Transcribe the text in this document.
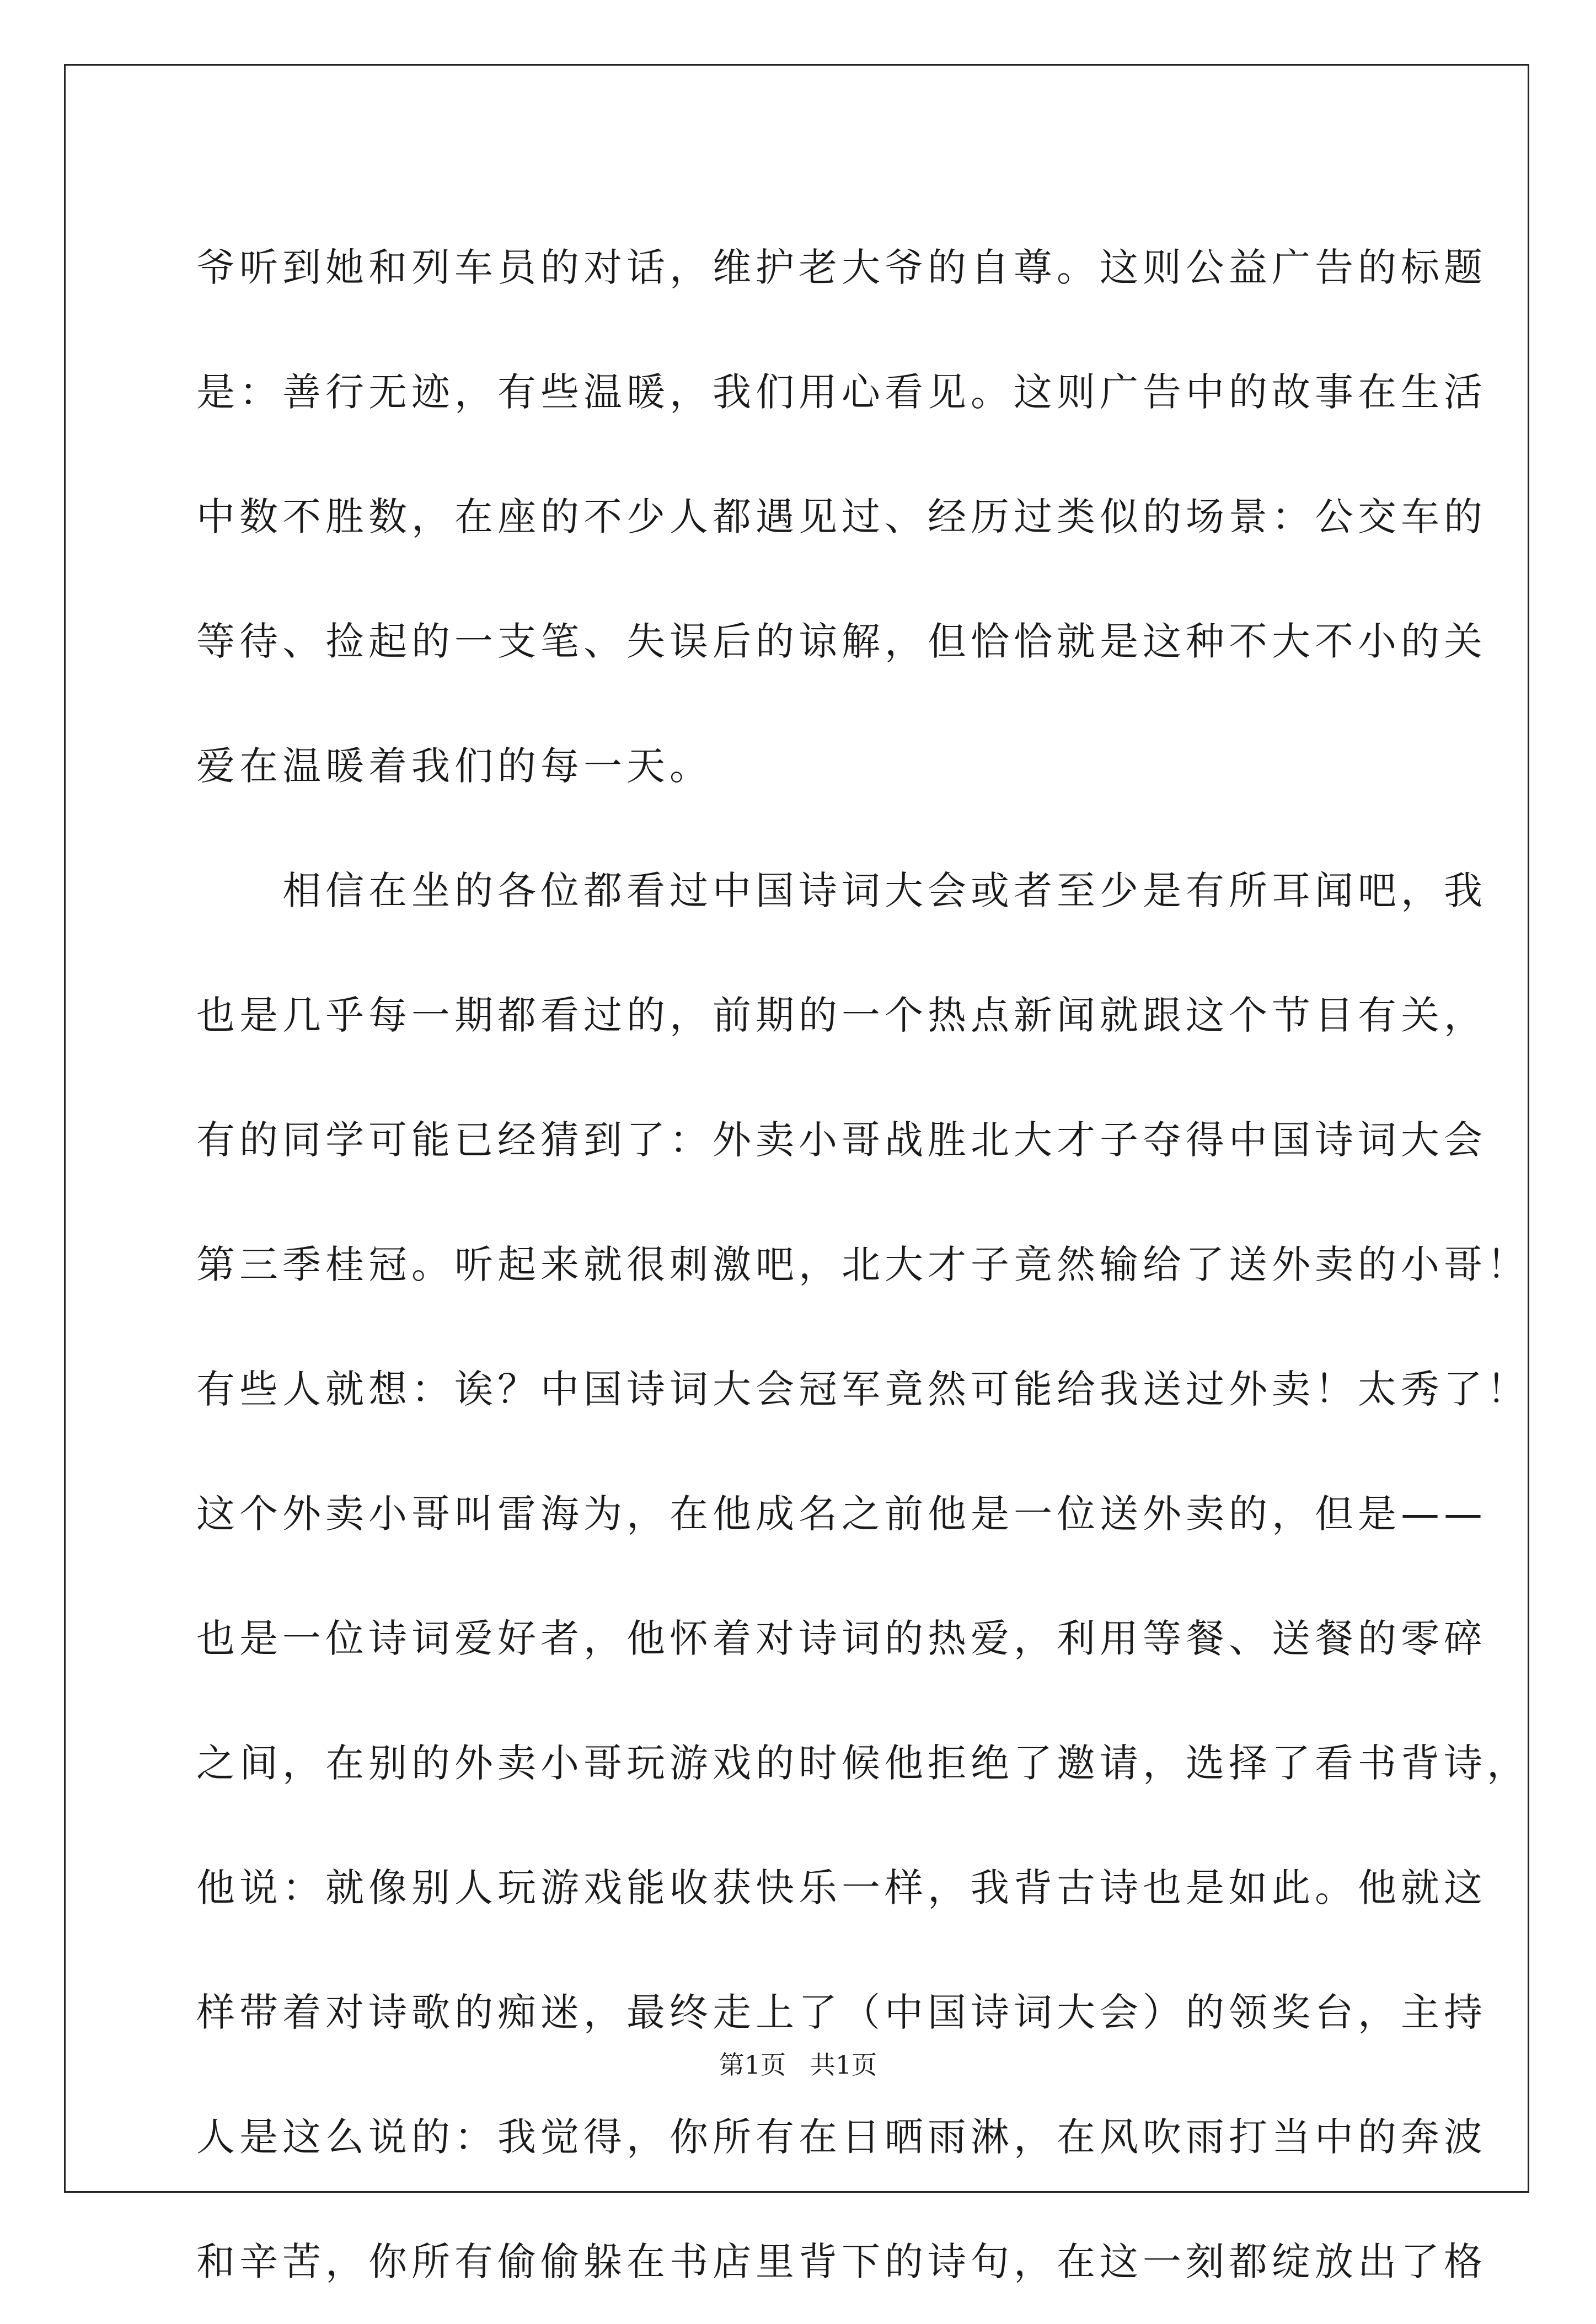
爷听到她和列车员的对话，维护老大爷的自尊。这则公益广告的标题
是：善行无迹，有些温暖，我们用心看见。这则广告中的故事在生活
中数不胜数，在座的不少人都遇见过、经历过类似的场景：公交车的
等待、捡起的一支笔、失误后的谅解，但恰恰就是这种不大不小的关
爱在温暖着我们的每一天。
相信在坐的各位都看过中国诗词大会或者至少是有所耳闻吧，我
也是几乎每一期都看过的，前期的一个热点新闻就跟这个节目有关，
有的同学可能已经猜到了：外卖小哥战胜北大才子夺得中国诗词大会
第三季桂冠。听起来就很刺激吧，北大才子竟然输给了送外卖的小哥！
有些人就想：诶？中国诗词大会冠军竟然可能给我送过外卖！太秀了！
这个外卖小哥叫雷海为，在他成名之前他是一位送外卖的，但是——
也是一位诗词爱好者，他怀着对诗词的热爱，利用等餐、送餐的零碎
之间，在别的外卖小哥玩游戏的时候他拒绝了邀请，选择了看书背诗，
他说：就像别人玩游戏能收获快乐一样，我背古诗也是如此。他就这
样带着对诗歌的痴迷，最终走上了（中国诗词大会）的领奖台，主持
人是这么说的：我觉得，你所有在日晒雨淋，在风吹雨打当中的奔波
和辛苦，你所有偷偷躲在书店里背下的诗句，在这一刻都绽放出了格
第1页   共1页
